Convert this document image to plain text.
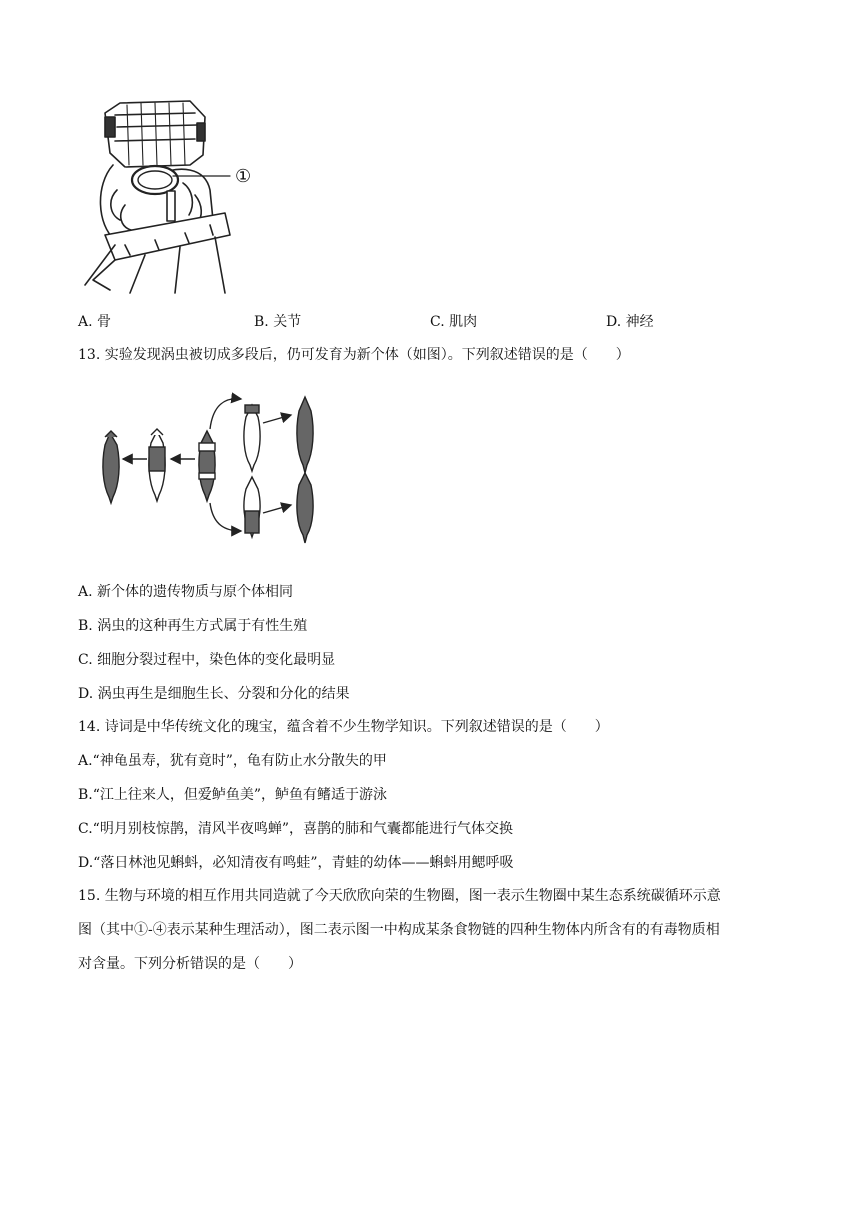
①
A. 骨	B. 关节	C. 肌肉	D. 神经
13. 实验发现涡虫被切成多段后，仍可发育为新个体（如图）。下列叙述错误的是（　　）
A. 新个体的遗传物质与原个体相同
B. 涡虫的这种再生方式属于有性生殖
C. 细胞分裂过程中，染色体的变化最明显
D. 涡虫再生是细胞生长、分裂和分化的结果
14. 诗词是中华传统文化的瑰宝，蕴含着不少生物学知识。下列叙述错误的是（　　）
A.“神龟虽寿，犹有竟时”，龟有防止水分散失的甲
B.“江上往来人，但爱鲈鱼美”，鲈鱼有鳍适于游泳
C.“明月别枝惊鹊，清风半夜鸣蝉”，喜鹊的肺和气囊都能进行气体交换
D.“落日林池见蝌蚪，必知清夜有鸣蛙”，青蛙的幼体——蝌蚪用鳃呼吸
15. 生物与环境的相互作用共同造就了今天欣欣向荣的生物圈，图一表示生物圈中某生态系统碳循环示意
图（其中①-④表示某种生理活动），图二表示图一中构成某条食物链的四种生物体内所含有的有毒物质相
对含量。下列分析错误的是（　　）
